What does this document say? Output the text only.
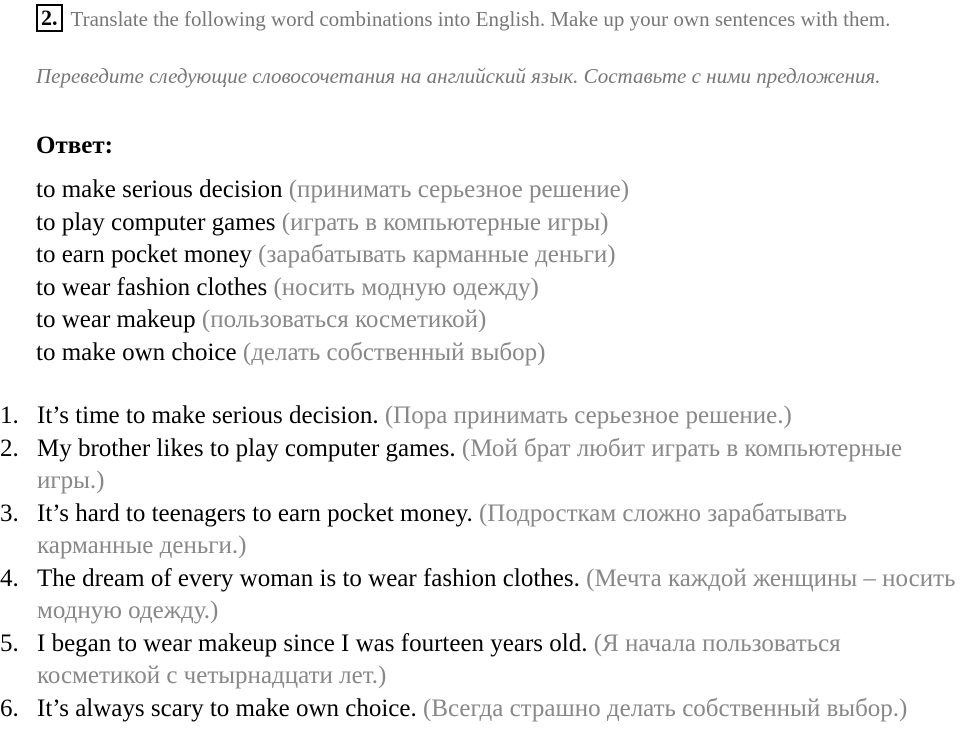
2. Translate the following word combinations into English. Make up your own sentences with them.
Переведите следующие словосочетания на английский язык. Составьте с ними предложения.
Ответ:
to make serious decision (принимать серьезное решение)
to play computer games (играть в компьютерные игры)
to earn pocket money (зарабатывать карманные деньги)
to wear fashion clothes (носить модную одежду)
to wear makeup (пользоваться косметикой)
to make own choice (делать собственный выбор)
1. It’s time to make serious decision. (Пора принимать серьезное решение.)
2. My brother likes to play computer games. (Мой брат любит играть в компьютерные игры.)
3. It’s hard to teenagers to earn pocket money. (Подросткам сложно зарабатывать карманные деньги.)
4. The dream of every woman is to wear fashion clothes. (Мечта каждой женщины – носить модную одежду.)
5. I began to wear makeup since I was fourteen years old. (Я начала пользоваться косметикой с четырнадцати лет.)
6. It’s always scary to make own choice. (Всегда страшно делать собственный выбор.)
